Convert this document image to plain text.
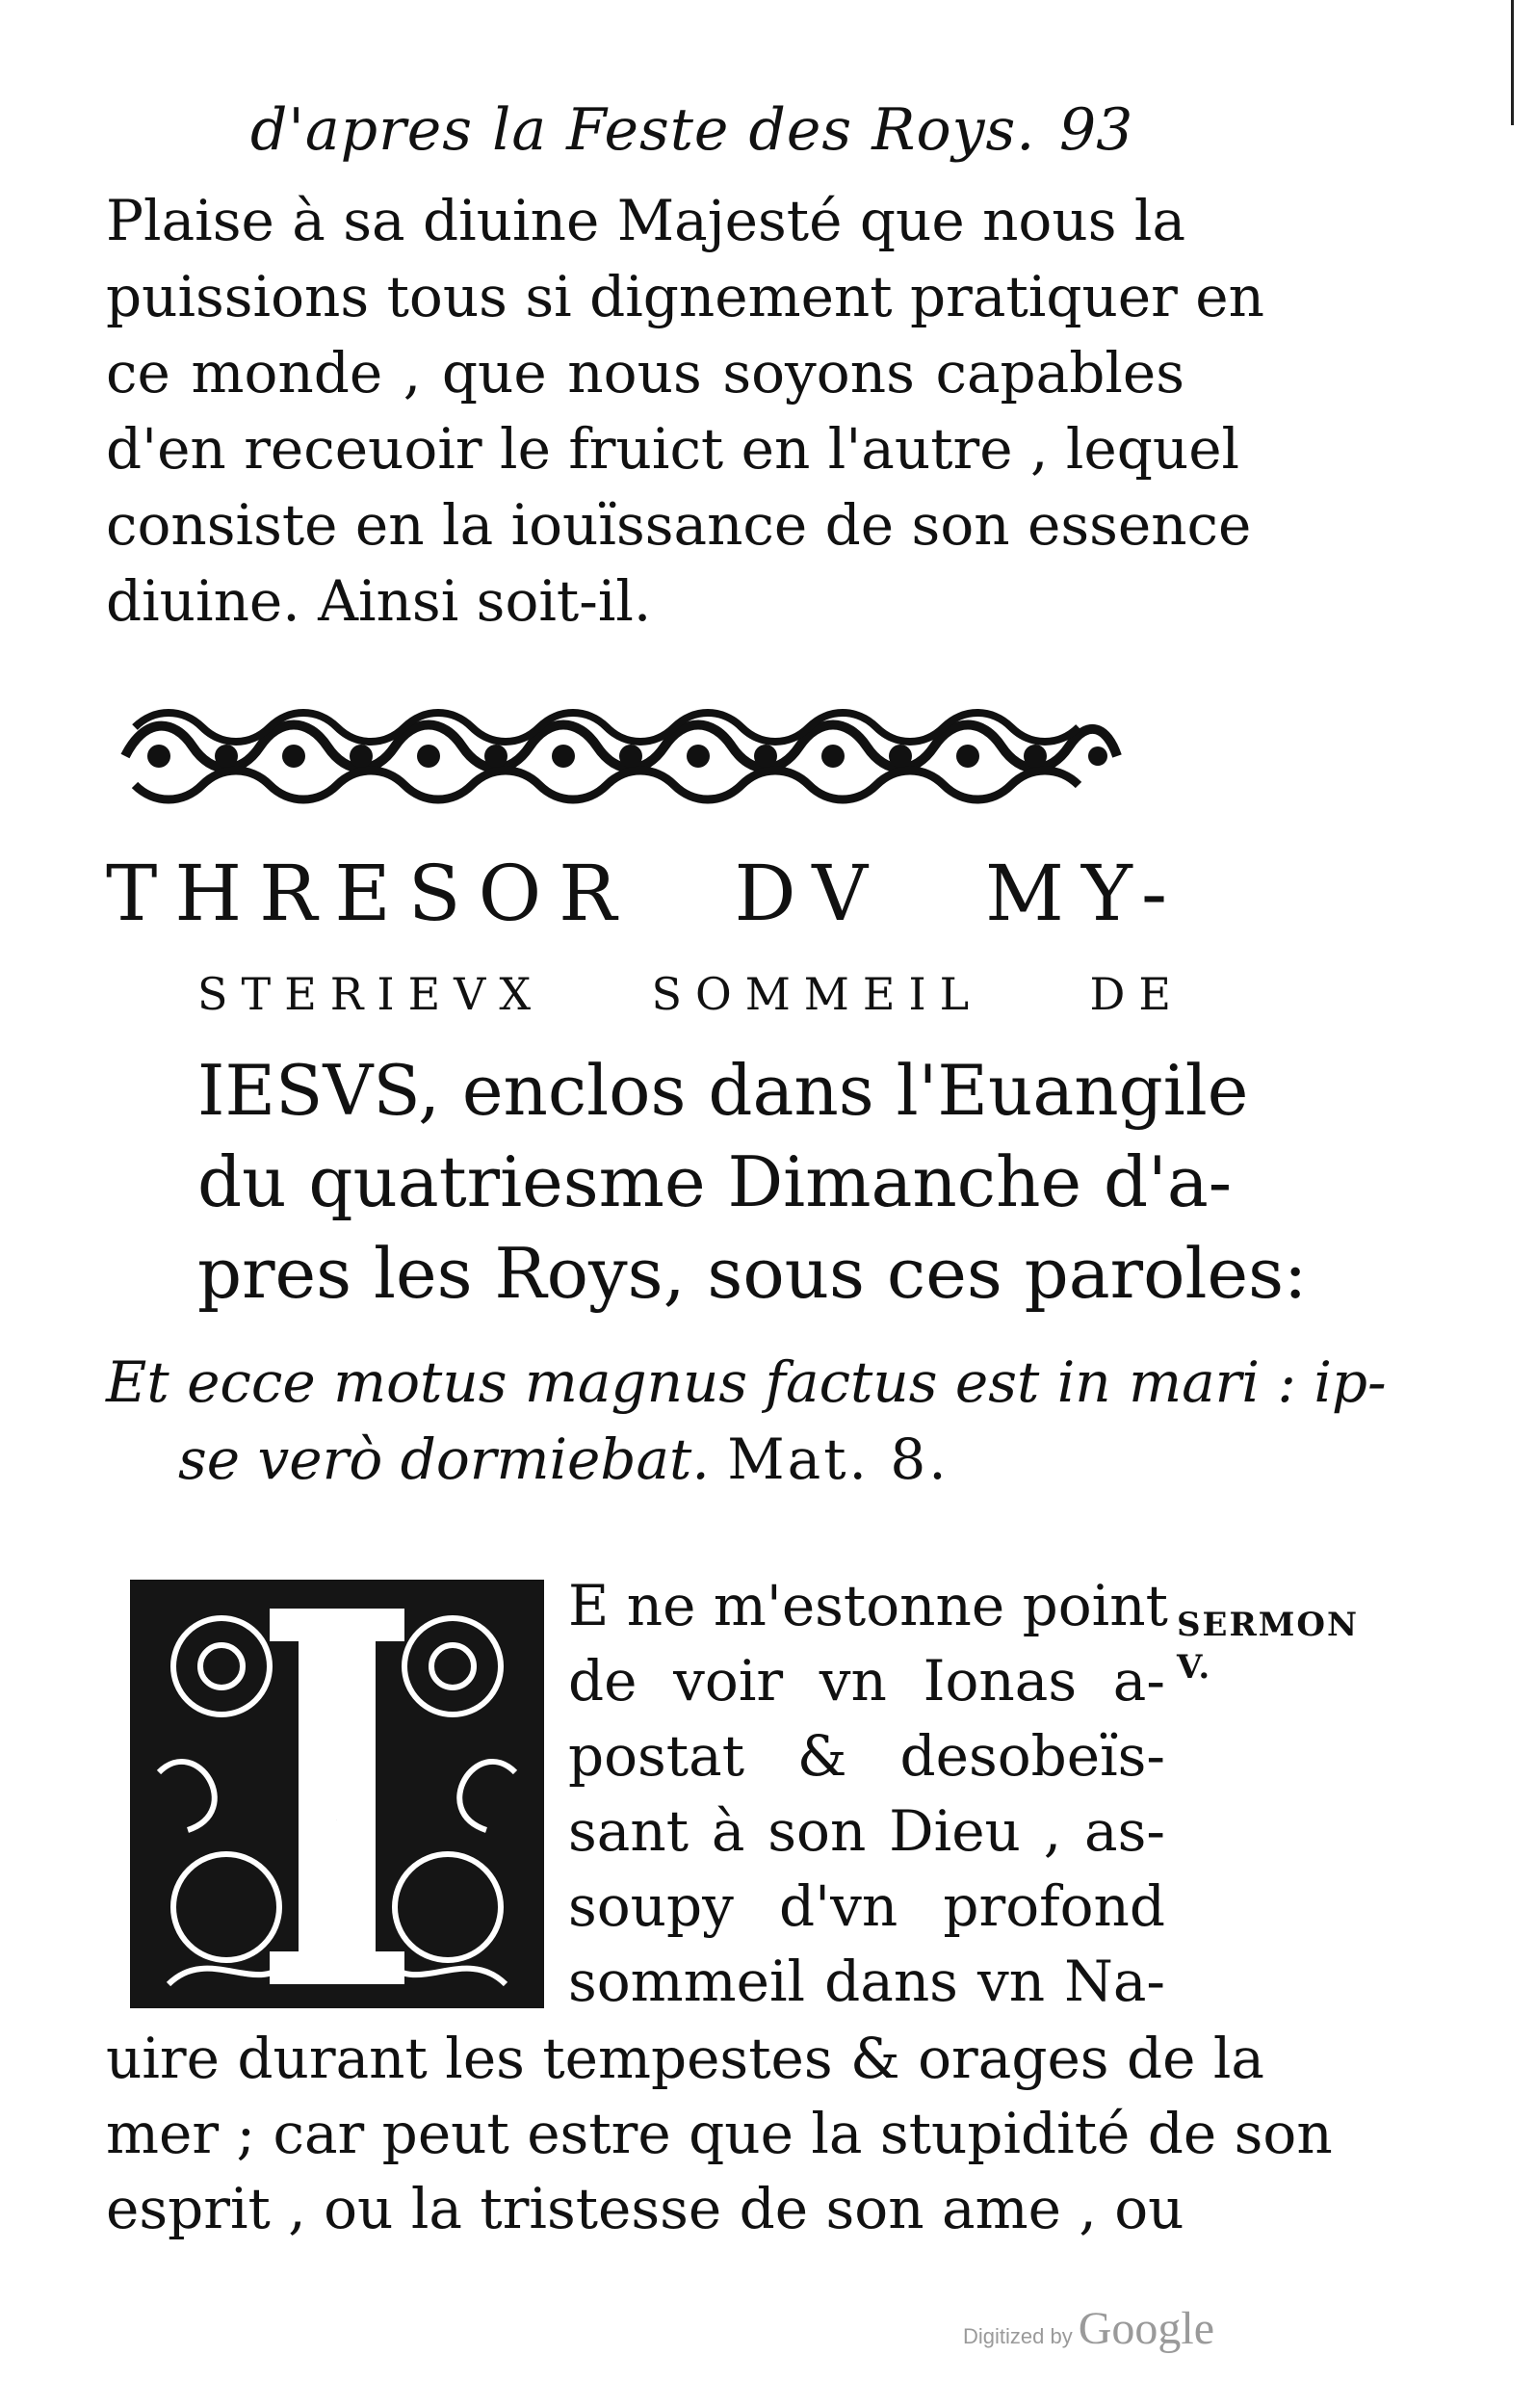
d'apres la Feste des Roys. 93
Plaise à sa diuine Majesté que nous la
puissions tous si dignement pratiquer en
ce monde , que nous soyons capables
d'en receuoir le fruict en l'autre , lequel
consiste en la iouïssance de son essence
diuine. Ainsi soit-il.
THRESOR DV MY-
STERIEVX SOMMEIL DE
IESVS, enclos dans l'Euangile
du quatriesme Dimanche d'a-
pres les Roys, sous ces paroles:
Et ecce motus magnus factus est in mari : ip-
se verò dormiebat. Mat. 8.
I
E ne m'estonne point
de voir vn Ionas a-
postat & desobeïs-
sant à son Dieu , as-
soupy d'vn profond
sommeil dans vn Na-
uire durant les tempestes & orages de la
mer ; car peut estre que la stupidité de son
esprit , ou la tristesse de son ame , ou
SERMON
V.
Digitized by Google
